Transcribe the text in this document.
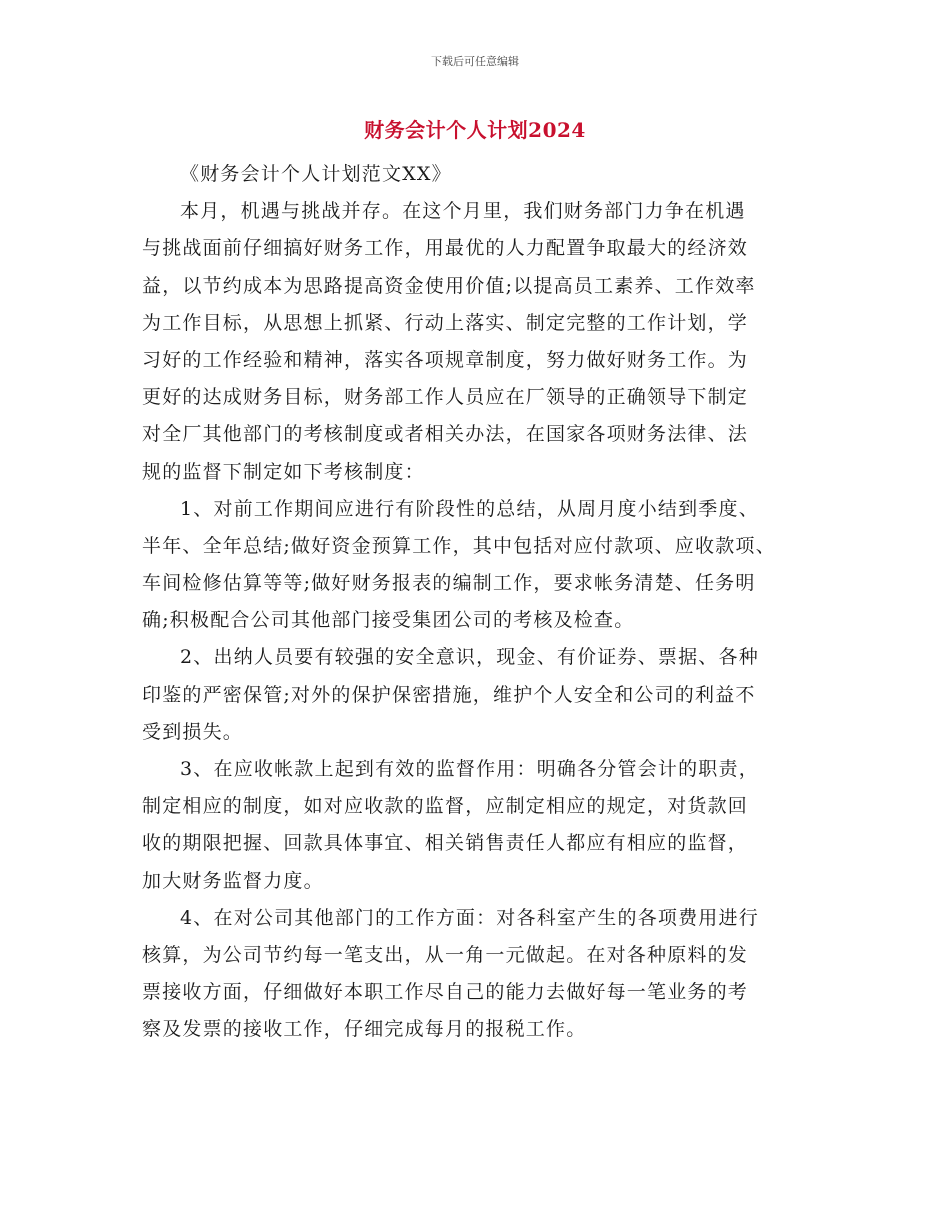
下载后可任意编辑
财务会计个人计划2024
《财务会计个人计划范文XX》
本月，机遇与挑战并存。在这个月里，我们财务部门力争在机遇
与挑战面前仔细搞好财务工作，用最优的人力配置争取最大的经济效
益，以节约成本为思路提高资金使用价值;以提高员工素养、工作效率
为工作目标，从思想上抓紧、行动上落实、制定完整的工作计划，学
习好的工作经验和精神，落实各项规章制度，努力做好财务工作。为
更好的达成财务目标，财务部工作人员应在厂领导的正确领导下制定
对全厂其他部门的考核制度或者相关办法，在国家各项财务法律、法
规的监督下制定如下考核制度：
1、对前工作期间应进行有阶段性的总结，从周月度小结到季度、
半年、全年总结;做好资金预算工作，其中包括对应付款项、应收款项、
车间检修估算等等;做好财务报表的编制工作，要求帐务清楚、任务明
确;积极配合公司其他部门接受集团公司的考核及检查。
2、出纳人员要有较强的安全意识，现金、有价证券、票据、各种
印鉴的严密保管;对外的保护保密措施，维护个人安全和公司的利益不
受到损失。
3、在应收帐款上起到有效的监督作用：明确各分管会计的职责，
制定相应的制度，如对应收款的监督，应制定相应的规定，对货款回
收的期限把握、回款具体事宜、相关销售责任人都应有相应的监督，
加大财务监督力度。
4、在对公司其他部门的工作方面：对各科室产生的各项费用进行
核算，为公司节约每一笔支出，从一角一元做起。在对各种原料的发
票接收方面，仔细做好本职工作尽自己的能力去做好每一笔业务的考
察及发票的接收工作，仔细完成每月的报税工作。
